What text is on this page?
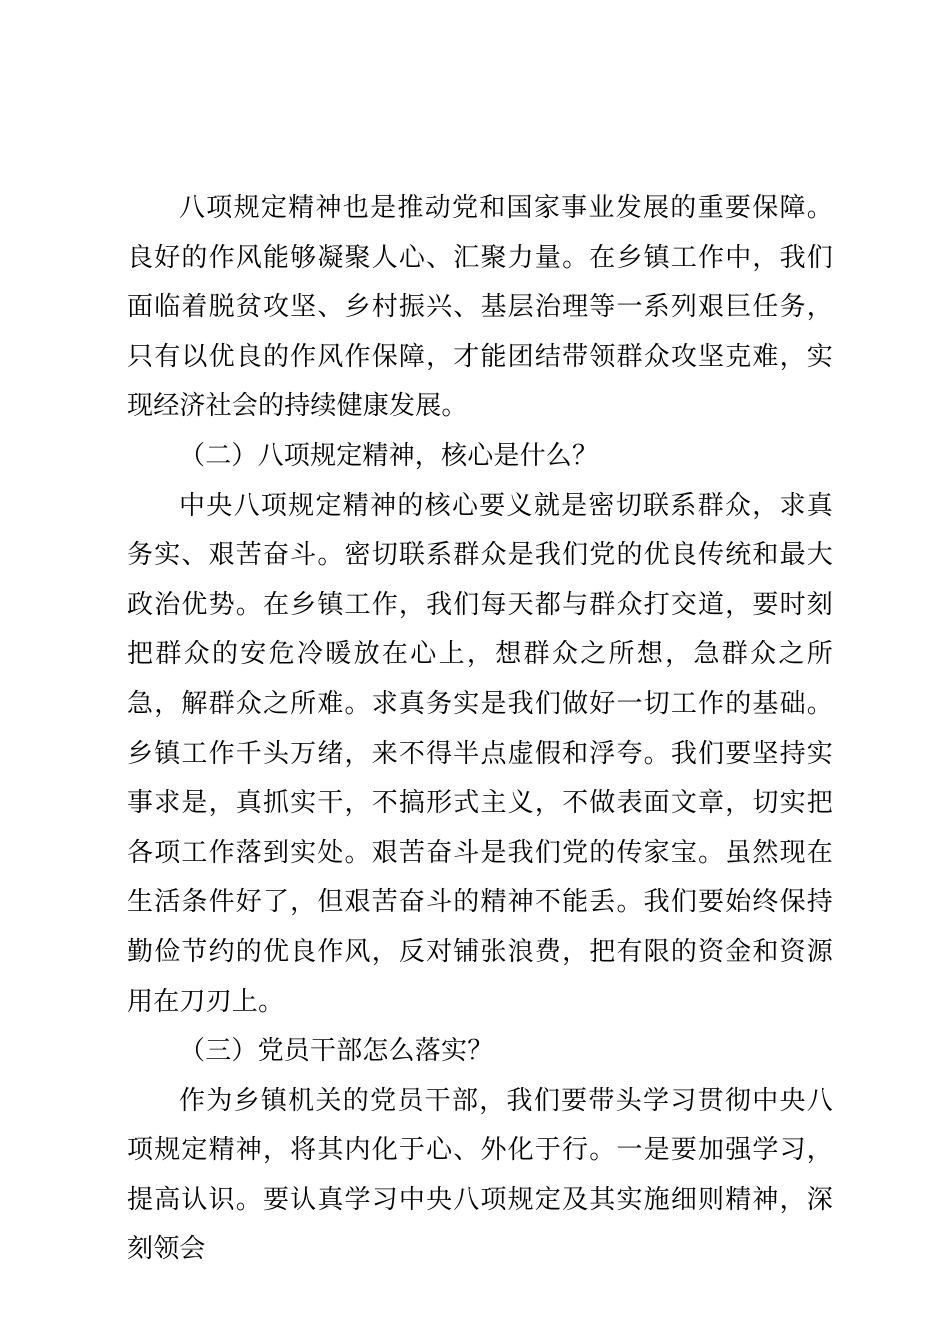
八项规定精神也是推动党和国家事业发展的重要保障。良好的作风能够凝聚人心、汇聚力量。在乡镇工作中，我们面临着脱贫攻坚、乡村振兴、基层治理等一系列艰巨任务，只有以优良的作风作保障，才能团结带领群众攻坚克难，实现经济社会的持续健康发展。

（二）八项规定精神，核心是什么？

中央八项规定精神的核心要义就是密切联系群众，求真务实、艰苦奋斗。密切联系群众是我们党的优良传统和最大政治优势。在乡镇工作，我们每天都与群众打交道，要时刻把群众的安危冷暖放在心上，想群众之所想，急群众之所急，解群众之所难。求真务实是我们做好一切工作的基础。乡镇工作千头万绪，来不得半点虚假和浮夸。我们要坚持实事求是，真抓实干，不搞形式主义，不做表面文章，切实把各项工作落到实处。艰苦奋斗是我们党的传家宝。虽然现在生活条件好了，但艰苦奋斗的精神不能丢。我们要始终保持勤俭节约的优良作风，反对铺张浪费，把有限的资金和资源用在刀刃上。

（三）党员干部怎么落实？

作为乡镇机关的党员干部，我们要带头学习贯彻中央八项规定精神，将其内化于心、外化于行。一是要加强学习，提高认识。要认真学习中央八项规定及其实施细则精神，深刻领会
